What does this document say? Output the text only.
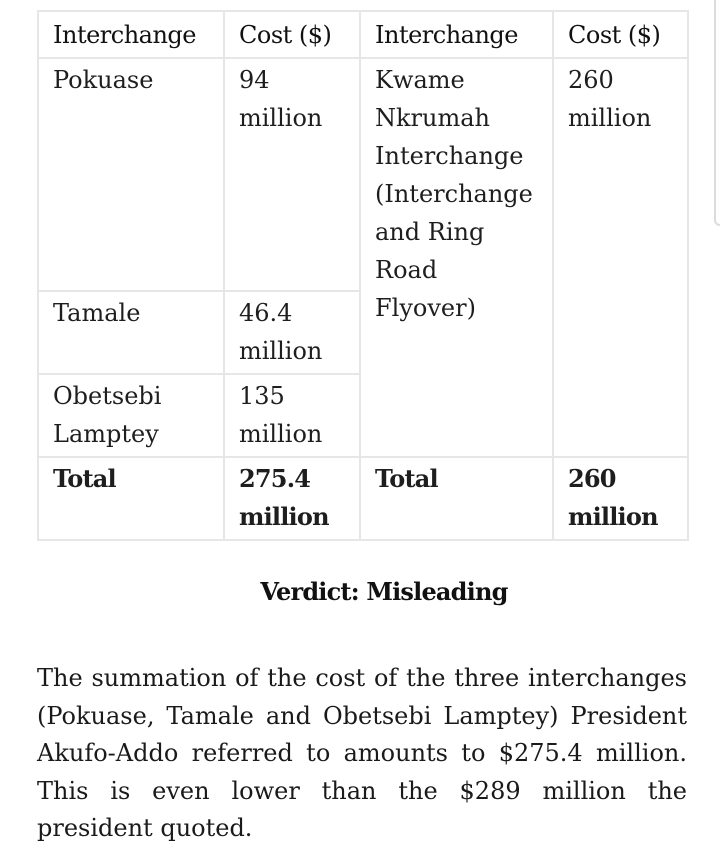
Interchange	Cost ($)	Interchange	Cost ($)
Pokuase	94 million	Kwame Nkrumah Interchange (Interchange and Ring Road Flyover)	260 million
Tamale	46.4 million		
Obetsebi Lamptey	135 million		
Total	275.4 million	Total	260 million
Verdict: Misleading

The summation of the cost of the three interchanges (Pokuase, Tamale and Obetsebi Lamptey) President Akufo-Addo referred to amounts to $275.4 million. This is even lower than the $289 million the president quoted.
